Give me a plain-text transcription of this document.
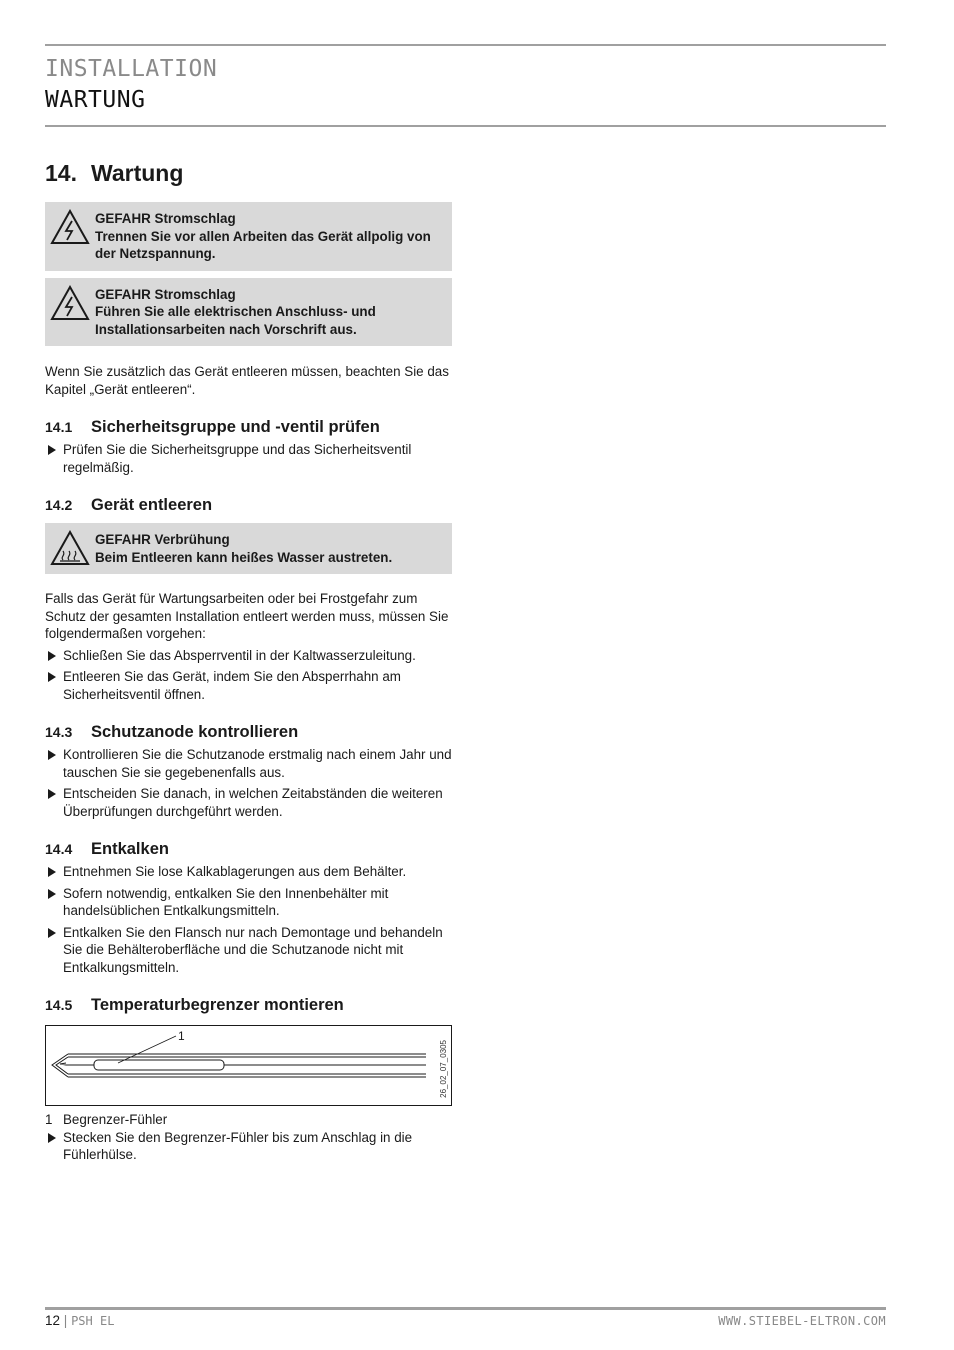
INSTALLATION
WARTUNG
14. Wartung
GEFAHR Stromschlag
Trennen Sie vor allen Arbeiten das Gerät allpolig von der Netzspannung.
GEFAHR Stromschlag
Führen Sie alle elektrischen Anschluss- und Installationsarbeiten nach Vorschrift aus.

Wenn Sie zusätzlich das Gerät entleeren müssen, beachten Sie das Kapitel „Gerät entleeren“.

14.1 Sicherheitsgruppe und -ventil prüfen
Prüfen Sie die Sicherheitsgruppe und das Sicherheitsventil regelmäßig.
14.2 Gerät entleeren
GEFAHR Verbrühung
Beim Entleeren kann heißes Wasser austreten.

Falls das Gerät für Wartungsarbeiten oder bei Frostgefahr zum Schutz der gesamten Installation entleert werden muss, müssen Sie folgendermaßen vorgehen:

Schließen Sie das Absperrventil in der Kaltwasserzuleitung.
Entleeren Sie das Gerät, indem Sie den Absperrhahn am Sicherheitsventil öffnen.
14.3 Schutzanode kontrollieren
Kontrollieren Sie die Schutzanode erstmalig nach einem Jahr und tauschen Sie sie gegebenenfalls aus.
Entscheiden Sie danach, in welchen Zeitabständen die weiteren Überprüfungen durchgeführt werden.
14.4 Entkalken
Entnehmen Sie lose Kalkablagerungen aus dem Behälter.
Sofern notwendig, entkalken Sie den Innenbehälter mit handelsüblichen Entkalkungsmitteln.
Entkalken Sie den Flansch nur nach Demontage und behandeln Sie die Behälteroberfläche und die Schutzanode nicht mit Entkalkungsmitteln.
14.5 Temperaturbegrenzer montieren
1
26_02_07_0305
1 Begrenzer-Fühler
Stecken Sie den Begrenzer-Fühler bis zum Anschlag in die Fühlerhülse.
12 | PSH EL	WWW.STIEBEL-ELTRON.COM
